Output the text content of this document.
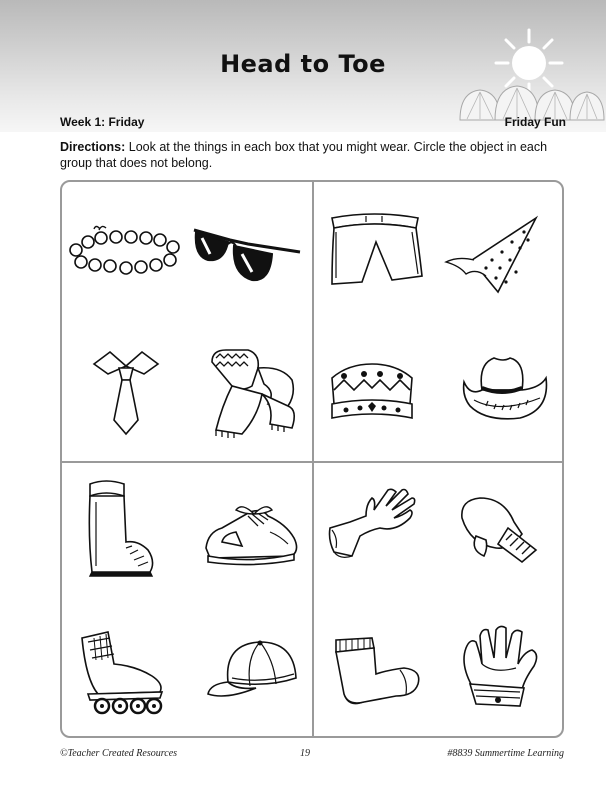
Head to Toe
Week 1: Friday	Friday Fun
Directions: Look at the things in each box that you might wear. Circle the object in each group that does not belong.
©Teacher Created Resources	19	#8839 Summertime Learning
